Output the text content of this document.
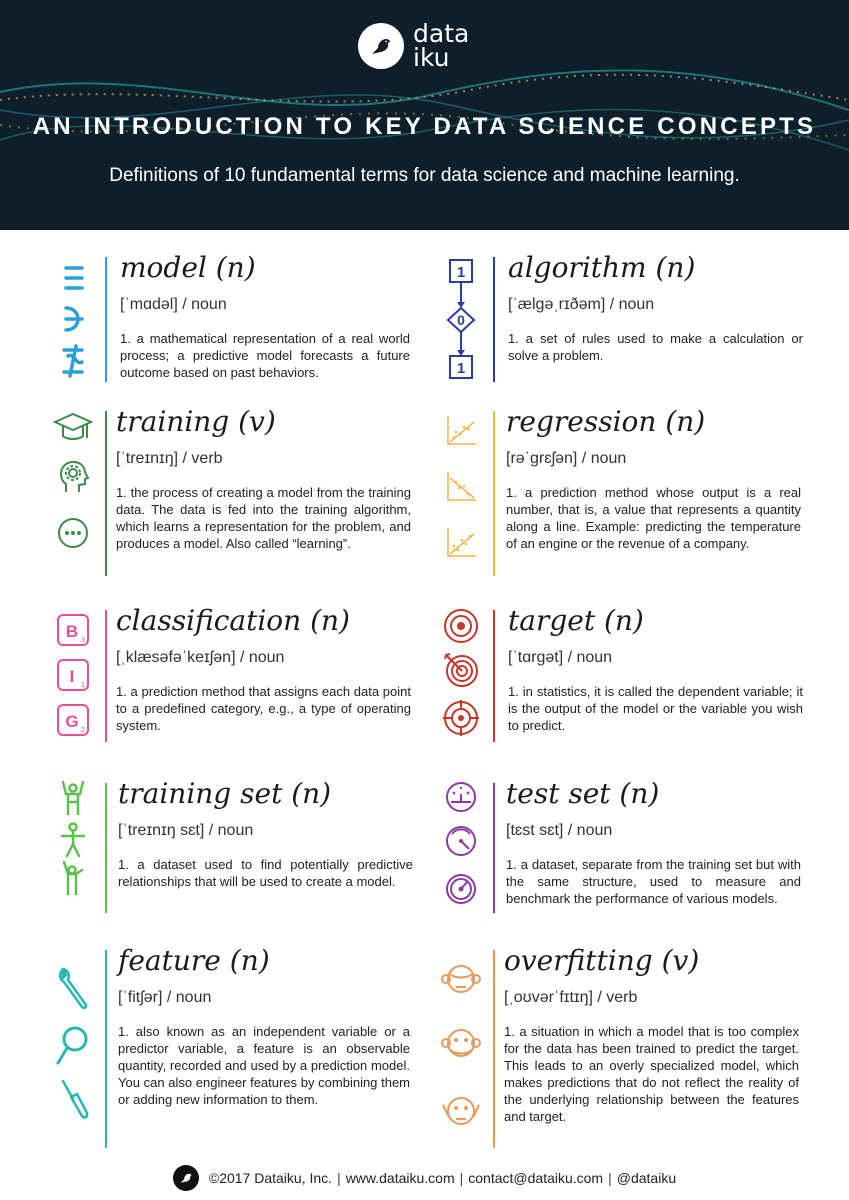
data
iku
AN INTRODUCTION TO KEY DATA SCIENCE CONCEPTS
Definitions of 10 fundamental terms for data science and machine learning.
model (n)
[ˈmɑdəl] / noun
1. a mathematical representation of a real world process; a predictive model forecasts a future outcome based on past behaviors.
1
0
1
algorithm (n)
[ˈælgəˌrɪðəm] / noun
1. a set of rules used to make a calculation or solve a problem.
training (v)
[ˈtreɪnɪŋ] / verb
1. the process of creating a model from the training data. The data is fed into the training algorithm, which learns a representation for the problem, and produces a model. Also called “learning”.
regression (n)
[rəˈgrɛʃən] / noun
1. a prediction method whose output is a real number, that is, a value that represents a quantity along a line. Example: predicting the temperature of an engine or the revenue of a company.
B 3
I 1
G 2
classification (n)
[ˌklæsəfəˈkeɪʃən] / noun
1. a prediction method that assigns each data point to a predefined category, e.g., a type of operating system.
target (n)
[ˈtɑrgət] / noun
1. in statistics, it is called the dependent variable; it is the output of the model or the variable you wish to predict.
training set (n)
[ˈtreɪnɪŋ sɛt] / noun
1. a dataset used to find potentially predictive relationships that will be used to create a model.
test set (n)
[tɛst sɛt] / noun
1. a dataset, separate from the training set but with the same structure, used to measure and benchmark the performance of various models.
feature (n)
[ˈfitʃər] / noun
1. also known as an independent variable or a predictor variable, a feature is an observable quantity, recorded and used by a prediction model. You can also engineer features by combining them or adding new information to them.
overfitting (v)
[ˌoʊvərˈfɪtɪŋ] / verb
1. a situation in which a model that is too complex for the data has been trained to predict the target. This leads to an overly specialized model, which makes predictions that do not reflect the reality of the underlying relationship between the features and target.
©2017 Dataiku, Inc. | www.dataiku.com | contact@dataiku.com | @dataiku
